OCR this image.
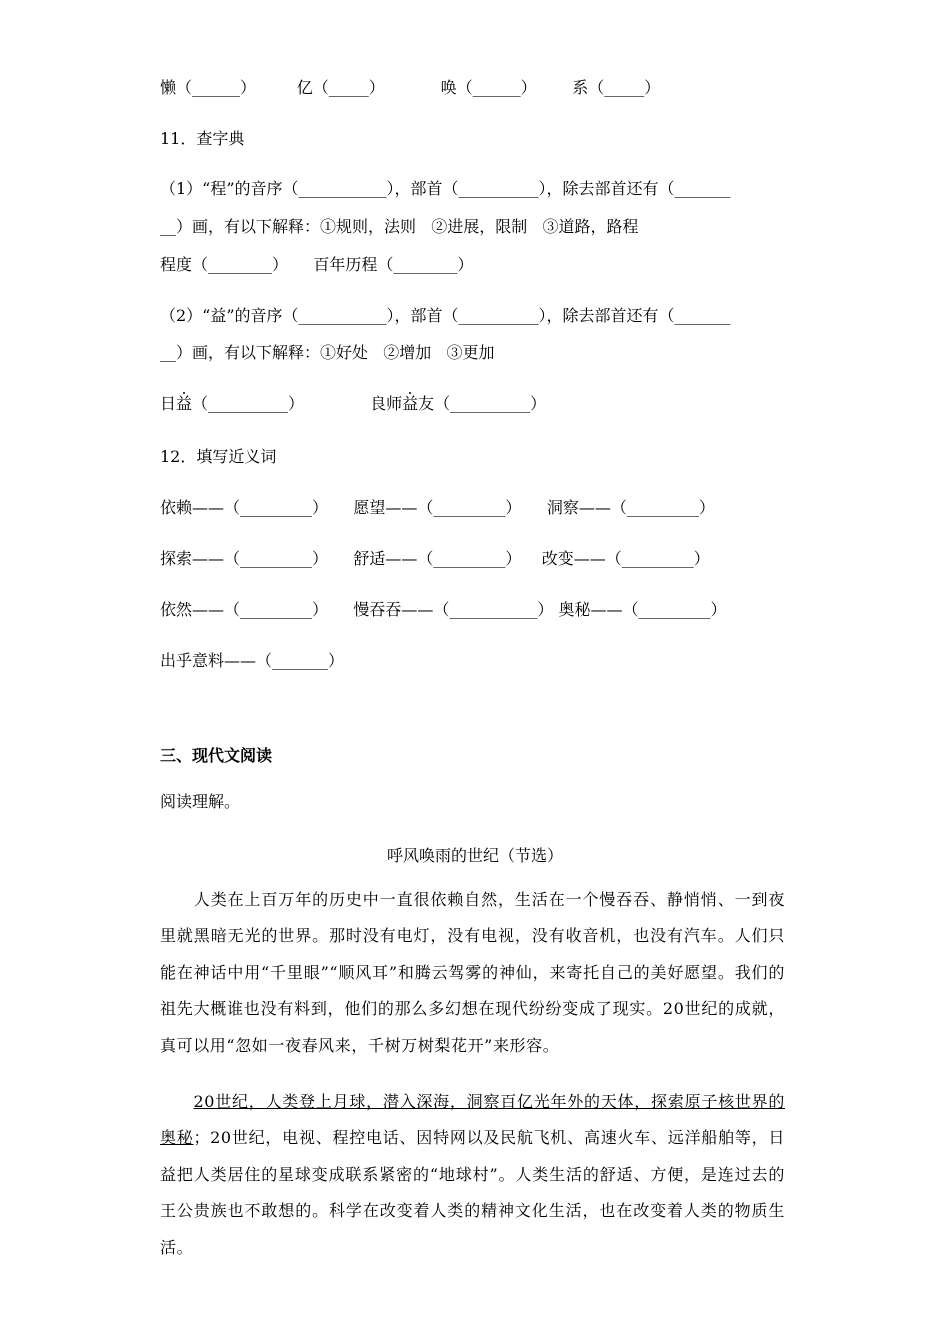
懒（______）        亿（_____）           唤（______）       系（_____）
11．查字典
（1）“程”的音序（___________），部首（__________），除去部首还有（_______
__）画，有以下解释：①规则，法则   ②进展，限制   ③道路，路程
程度（________）     百年历程（________）
（2）“益”的音序（___________），部首（__________），除去部首还有（_______
__）画，有以下解释：①好处   ②增加   ③更加
日益（__________）             良师益友（__________）
12．填写近义词
依赖——（_________）     愿望——（_________）     洞察——（_________）
探索——（_________）     舒适——（_________）    改变——（_________）
依然——（_________）     慢吞吞——（___________） 奥秘——（_________）
出乎意料——（_______）
三、现代文阅读
阅读理解。
呼风唤雨的世纪（节选）

　　人类在上百万年的历史中一直很依赖自然，生活在一个慢吞吞、静悄悄、一到夜里就黑暗无光的世界。那时没有电灯，没有电视，没有收音机，也没有汽车。人们只能在神话中用“千里眼”“顺风耳”和腾云驾雾的神仙，来寄托自己的美好愿望。我们的祖先大概谁也没有料到，他们的那么多幻想在现代纷纷变成了现实。20世纪的成就，真可以用“忽如一夜春风来，千树万树梨花开”来形容。

　　20世纪，人类登上月球，潜入深海，洞察百亿光年外的天体，探索原子核世界的奥秘；20世纪，电视、程控电话、因特网以及民航飞机、高速火车、远洋船舶等，日益把人类居住的星球变成联系紧密的“地球村”。人类生活的舒适、方便，是连过去的王公贵族也不敢想的。科学在改变着人类的精神文化生活，也在改变着人类的物质生活。
